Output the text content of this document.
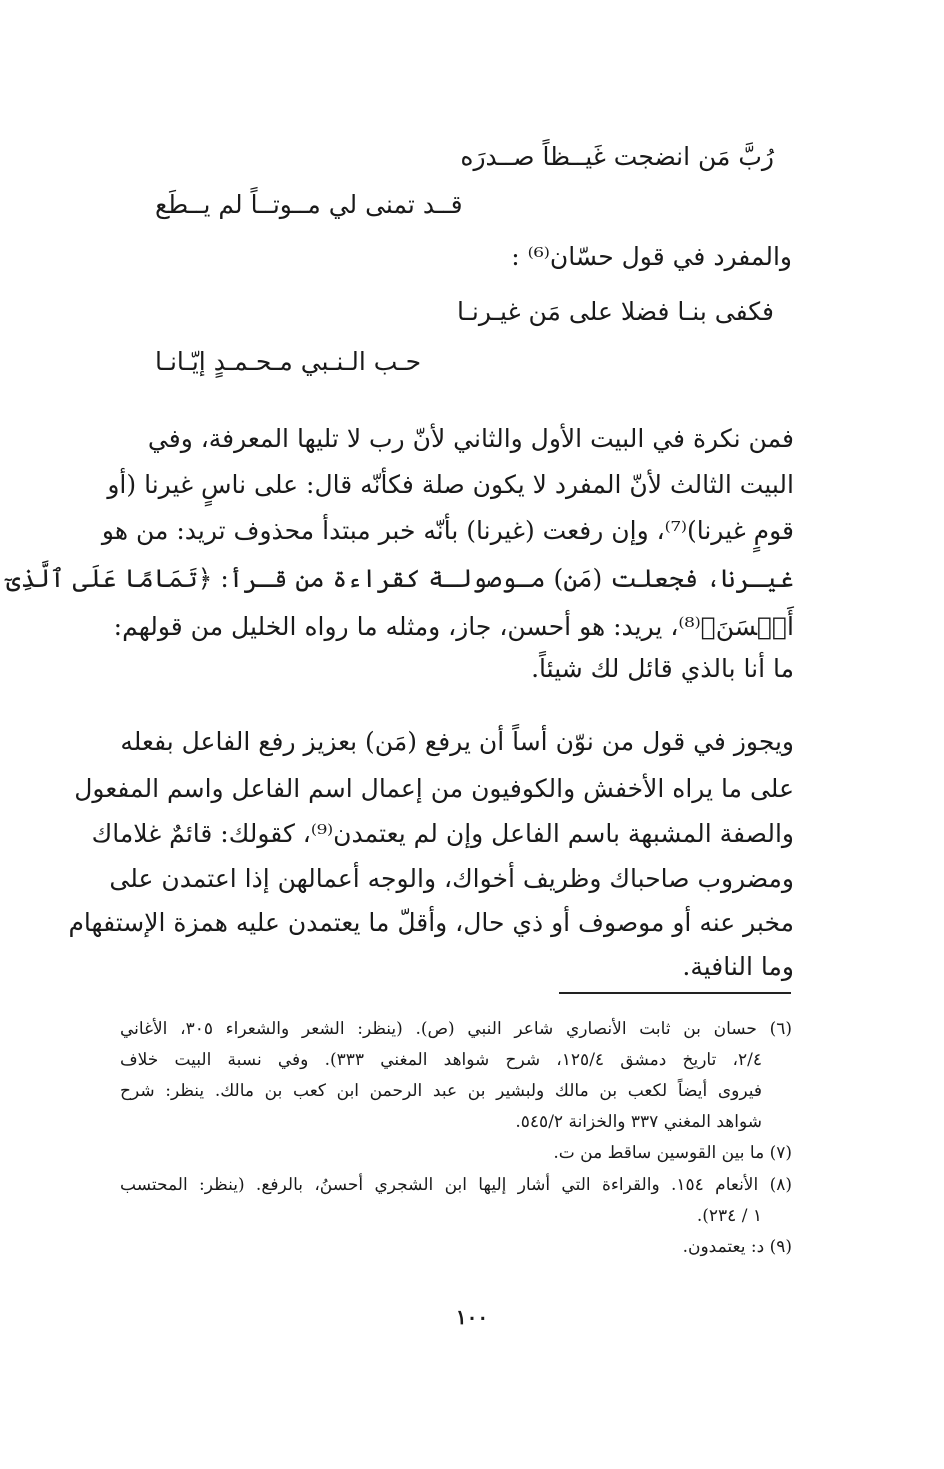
رُبَّ مَن انضجت غَيــظاً صــدرَه
قــد تمنى لي مــوتــاً لم يــطَع
والمفرد في قول حسّان⁽⁶⁾ :
فكفى بنـا فضلا على مَن غيـرنـا
حـب الـنـبي مـحـمـدٍ إيّـانـا
فمن نكرة في البيت الأول والثاني لأنّ رب لا تليها المعرفة، وفي
البيت الثالث لأنّ المفرد لا يكون صلة فكأنّه قال: على ناسٍ غيرنا (أو
قومٍ غيرنا)⁽⁷⁾، وإن رفعت (غيرنا) بأنّه خبر مبتدأ محذوف تريد: من هو
غيـرنا، فجعلت (مَن) مـوصولـة كقراءة من قـرأ: ﴿تَمَامًا عَلَى ٱلَّذِىٓ
أَحۡسَنَ﴾⁽⁸⁾، يريد: هو أحسن، جاز، ومثله ما رواه الخليل من قولهم:
ما أنا بالذي قائل لك شيئاً.
ويجوز في قول من نوّن أساً أن يرفع (مَن) بعزيز رفع الفاعل بفعله
على ما يراه الأخفش والكوفيون من إعمال اسم الفاعل واسم المفعول
والصفة المشبهة باسم الفاعل وإن لم يعتمدن⁽⁹⁾، كقولك: قائمٌ غلاماك
ومضروب صاحباك وظريف أخواك، والوجه أعمالهن إذا اعتمدن على
مخبر عنه أو موصوف أو ذي حال، وأقلّ ما يعتمدن عليه همزة الإستفهام
وما النافية.
(٦) حسان بن ثابت الأنصاري شاعر النبي (ص). (ينظر: الشعر والشعراء ٣٠٥، الأغاني
٢/٤، تاريخ دمشق ١٢٥/٤، شرح شواهد المغني ٣٣٣). وفي نسبة البيت خلاف
فيروى أيضاً لكعب بن مالك ولبشير بن عبد الرحمن ابن كعب بن مالك. ينظر: شرح
شواهد المغني ٣٣٧ والخزانة ٥٤٥/٢.
(٧) ما بين القوسين ساقط من ت.
(٨) الأنعام ١٥٤. والقراءة التي أشار إليها ابن الشجري أحسنُ، بالرفع. (ينظر: المحتسب
١ / ٢٣٤).
(٩) د: يعتمدون.
١٠٠
